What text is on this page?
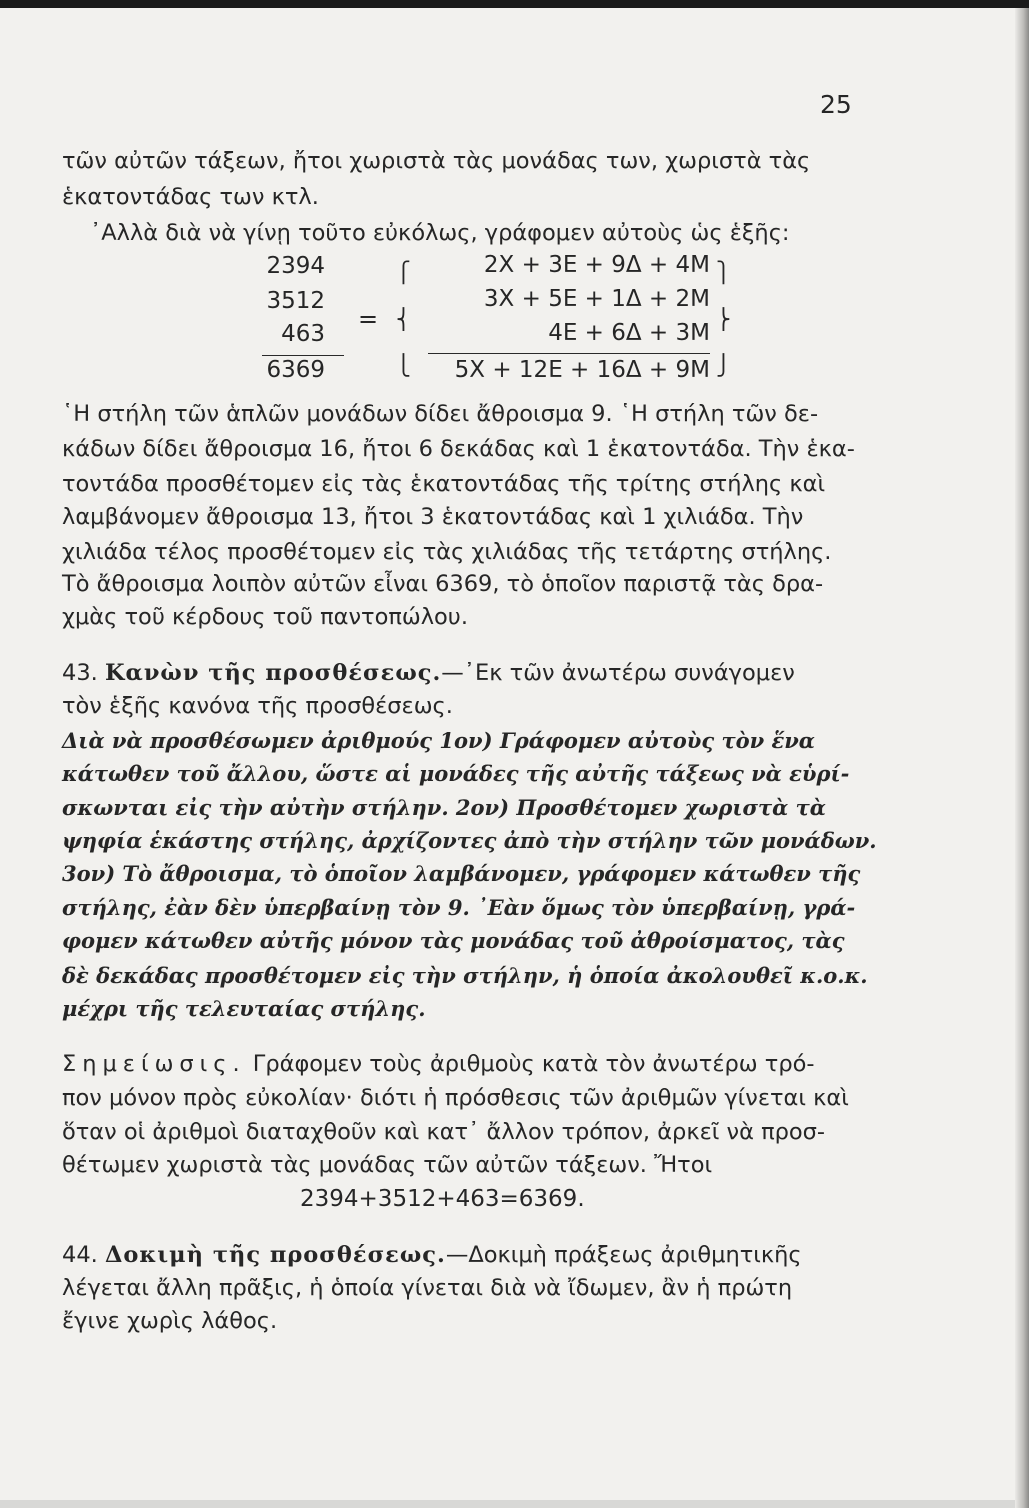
25
τῶν αὐτῶν τάξεων, ἤτοι χωριστὰ τὰς μονάδας των, χωριστὰ τὰς
ἑκατοντάδας των κτλ.
᾽Αλλὰ διὰ νὰ γίνῃ τοῦτο εὐκόλως, γράφομεν αὐτοὺς ὡς ἑξῆς:
2394
3512
463
6369
=
⎧
⎨
⎩
2Χ + 3Ε + 9Δ + 4Μ
3Χ + 5Ε + 1Δ + 2Μ
4Ε + 6Δ + 3Μ
5Χ + 12Ε + 16Δ + 9Μ
⎫
⎬
⎭
῾Η στήλη τῶν ἁπλῶν μονάδων δίδει ἄθροισμα 9. ῾Η στήλη τῶν δε-
κάδων δίδει ἄθροισμα 16, ἤτοι 6 δεκάδας καὶ 1 ἑκατοντάδα. Τὴν ἑκα-
τοντάδα προσθέτομεν εἰς τὰς ἑκατοντάδας τῆς τρίτης στήλης καὶ
λαμβάνομεν ἄθροισμα 13, ἤτοι 3 ἑκατοντάδας καὶ 1 χιλιάδα. Τὴν
χιλιάδα τέλος προσθέτομεν εἰς τὰς χιλιάδας τῆς τετάρτης στήλης.
Τὸ ἄθροισμα λοιπὸν αὐτῶν εἶναι 6369, τὸ ὁποῖον παριστᾷ τὰς δρα-
χμὰς τοῦ κέρδους τοῦ παντοπώλου.
43. Κανὼν τῆς προσθέσεως.—᾽Εκ τῶν ἀνωτέρω συνάγομεν
τὸν ἑξῆς κανόνα τῆς προσθέσεως.
Διὰ νὰ προσθέσωμεν ἀριθμούς 1ον) Γράφομεν αὐτοὺς τὸν ἕνα
κάτωθεν τοῦ ἄλλου, ὥστε αἱ μονάδες τῆς αὐτῆς τάξεως νὰ εὑρί-
σκωνται εἰς τὴν αὐτὴν στήλην. 2ον) Προσθέτομεν χωριστὰ τὰ
ψηφία ἑκάστης στήλης, ἀρχίζοντες ἀπὸ τὴν στήλην τῶν μονάδων.
3ον) Τὸ ἄθροισμα, τὸ ὁποῖον λαμβάνομεν, γράφομεν κάτωθεν τῆς
στήλης, ἐὰν δὲν ὑπερβαίνῃ τὸν 9. ᾽Εὰν ὅμως τὸν ὑπερβαίνῃ, γρά-
φομεν κάτωθεν αὐτῆς μόνον τὰς μονάδας τοῦ ἀθροίσματος, τὰς
δὲ δεκάδας προσθέτομεν εἰς τὴν στήλην, ἡ ὁποία ἀκολουθεῖ κ.ο.κ.
μέχρι τῆς τελευταίας στήλης.
Σημείωσις. Γράφομεν τοὺς ἀριθμοὺς κατὰ τὸν ἀνωτέρω τρό-
πον μόνον πρὸς εὐκολίαν· διότι ἡ πρόσθεσις τῶν ἀριθμῶν γίνεται καὶ
ὅταν οἱ ἀριθμοὶ διαταχθοῦν καὶ κατ᾽ ἄλλον τρόπον, ἀρκεῖ νὰ προσ-
θέτωμεν χωριστὰ τὰς μονάδας τῶν αὐτῶν τάξεων. Ἤτοι
2394+3512+463=6369.
44. Δοκιμὴ τῆς προσθέσεως.—Δοκιμὴ πράξεως ἀριθμητικῆς
λέγεται ἄλλη πρᾶξις, ἡ ὁποία γίνεται διὰ νὰ ἴδωμεν, ἂν ἡ πρώτη
ἔγινε χωρὶς λάθος.
